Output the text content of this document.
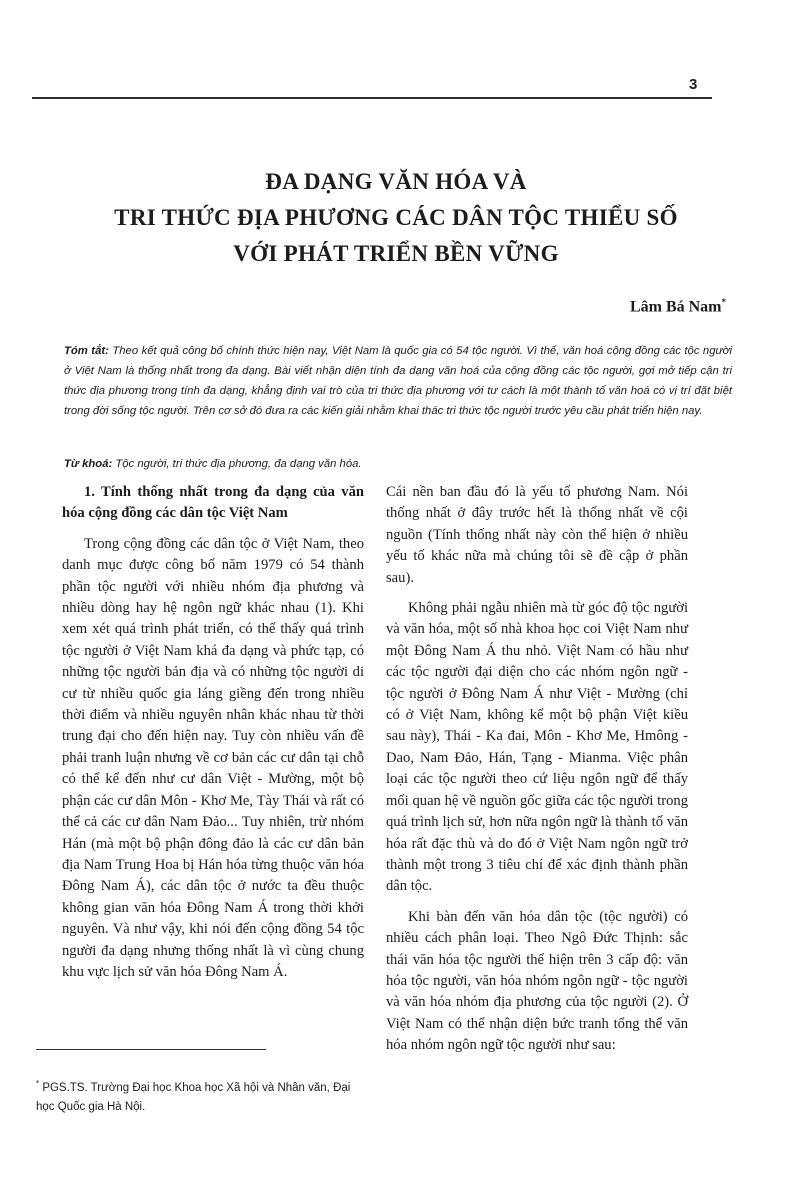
3
ĐA DẠNG VĂN HÓA VÀ
TRI THỨC ĐỊA PHƯƠNG CÁC DÂN TỘC THIỂU SỐ
VỚI PHÁT TRIỂN BỀN VỮNG
Lâm Bá Nam*
Tóm tắt: Theo kết quả công bố chính thức hiện nay, Việt Nam là quốc gia có 54 tộc người. Vì thế, văn hoá cộng đồng các tộc người ở Việt Nam là thống nhất trong đa dạng. Bài viết nhận diện tính đa dạng văn hoá của cộng đồng các tộc người, gợi mở tiếp cận tri thức địa phương trong tính đa dạng, khẳng định vai trò của tri thức địa phương với tư cách là một thành tố văn hoá có vị trí đặt biệt trong đời sống tộc người. Trên cơ sở đó đưa ra các kiến giải nhằm khai thác tri thức tộc người trước yêu cầu phát triển hiện nay.
Từ khoá: Tộc người, tri thức địa phương, đa dạng văn hóa.
1. Tính thống nhất trong đa dạng của văn hóa cộng đồng các dân tộc Việt Nam

Trong cộng đồng các dân tộc ở Việt Nam, theo danh mục được công bố năm 1979 có 54 thành phần tộc người với nhiều nhóm địa phương và nhiều dòng hay hệ ngôn ngữ khác nhau (1). Khi xem xét quá trình phát triển, có thể thấy quá trình tộc người ở Việt Nam khá đa dạng và phức tạp, có những tộc người bản địa và có những tộc người di cư từ nhiều quốc gia láng giềng đến trong nhiều thời điểm và nhiều nguyên nhân khác nhau từ thời trung đại cho đến hiện nay. Tuy còn nhiều vấn đề phải tranh luận nhưng về cơ bản các cư dân tại chỗ có thể kể đến như cư dân Việt - Mường, một bộ phận các cư dân Môn - Khơ Me, Tày Thái và rất có thể cả các cư dân Nam Đảo... Tuy nhiên, trừ nhóm Hán (mà một bộ phận đông đảo là các cư dân bản địa Nam Trung Hoa bị Hán hóa từng thuộc văn hóa Đông Nam Á), các dân tộc ở nước ta đều thuộc không gian văn hóa Đông Nam Á trong thời khởi nguyên. Và như vậy, khi nói đến cộng đồng 54 tộc người đa dạng nhưng thống nhất là vì cùng chung khu vực lịch sử văn hóa Đông Nam Á.

Cái nền ban đầu đó là yếu tố phương Nam. Nói thống nhất ở đây trước hết là thống nhất về cội nguồn (Tính thống nhất này còn thể hiện ở nhiều yếu tố khác nữa mà chúng tôi sẽ đề cập ở phần sau).

Không phải ngẫu nhiên mà từ góc độ tộc người và văn hóa, một số nhà khoa học coi Việt Nam như một Đông Nam Á thu nhỏ. Việt Nam có hầu như các tộc người đại diện cho các nhóm ngôn ngữ - tộc người ở Đông Nam Á như Việt - Mường (chỉ có ở Việt Nam, không kể một bộ phận Việt kiều sau này), Thái - Ka đai, Môn - Khơ Me, Hmông - Dao, Nam Đảo, Hán, Tạng - Mianma. Việc phân loại các tộc người theo cứ liệu ngôn ngữ để thấy mối quan hệ về nguồn gốc giữa các tộc người trong quá trình lịch sử, hơn nữa ngôn ngữ là thành tố văn hóa rất đặc thù và do đó ở Việt Nam ngôn ngữ trở thành một trong 3 tiêu chí để xác định thành phần dân tộc.

Khi bàn đến văn hóa dân tộc (tộc người) có nhiều cách phân loại. Theo Ngô Đức Thịnh: sắc thái văn hóa tộc người thể hiện trên 3 cấp độ: văn hóa tộc người, văn hóa nhóm ngôn ngữ - tộc người và văn hóa nhóm địa phương của tộc người (2). Ở Việt Nam có thể nhận diện bức tranh tổng thể văn hóa nhóm ngôn ngữ tộc người như sau:

* PGS.TS. Trường Đại học Khoa học Xã hội và Nhân văn, Đại học Quốc gia Hà Nội.
